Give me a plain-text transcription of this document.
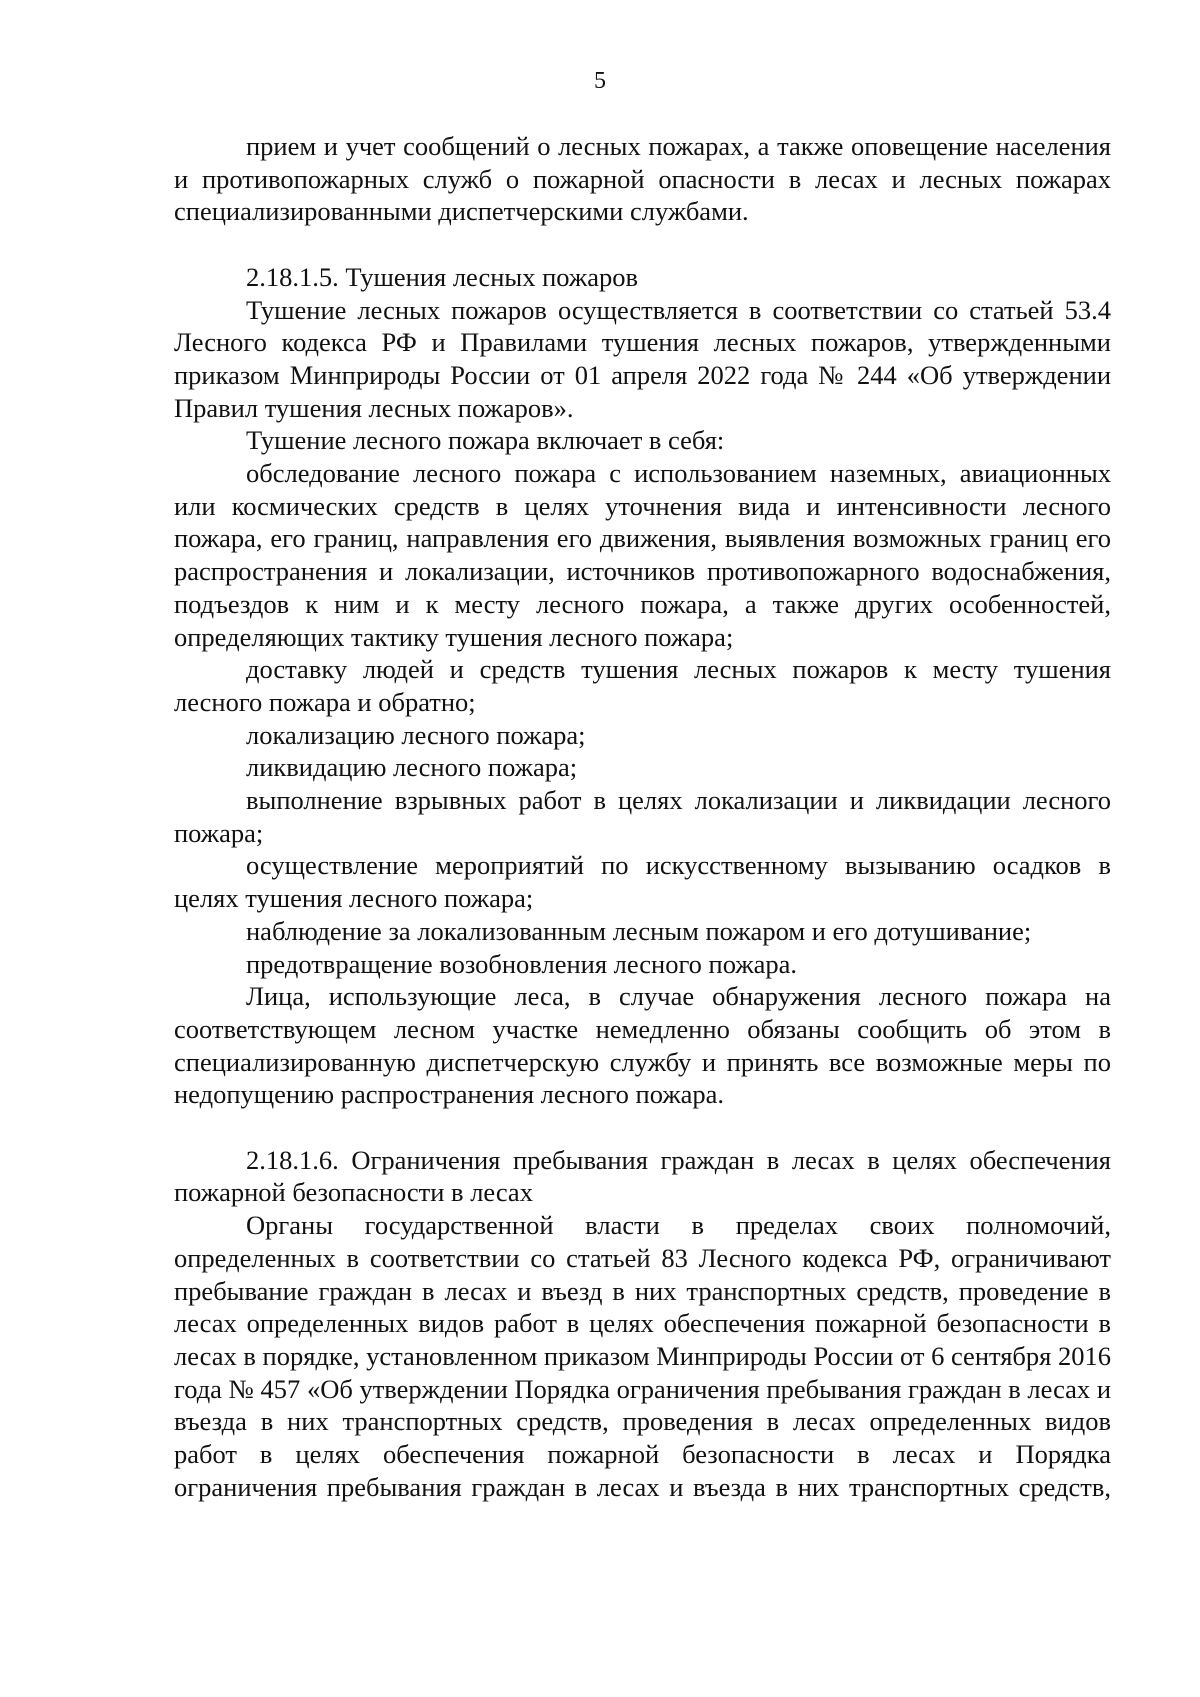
5

прием и учет сообщений о лесных пожарах, а также оповещение населения и противопожарных служб о пожарной опасности в лесах и лесных пожарах специализированными диспетчерскими службами.

2.18.1.5. Тушения лесных пожаров

Тушение лесных пожаров осуществляется в соответствии со статьей 53.4 Лесного кодекса РФ и Правилами тушения лесных пожаров, утвержденными приказом Минприроды России от 01 апреля 2022 года № 244 «Об утверждении Правил тушения лесных пожаров».

Тушение лесного пожара включает в себя:

обследование лесного пожара с использованием наземных, авиационных или космических средств в целях уточнения вида и интенсивности лесного пожара, его границ, направления его движения, выявления возможных границ его распространения и локализации, источников противопожарного водоснабжения, подъездов к ним и к месту лесного пожара, а также других особенностей, определяющих тактику тушения лесного пожара;

доставку людей и средств тушения лесных пожаров к месту тушения лесного пожара и обратно;

локализацию лесного пожара;

ликвидацию лесного пожара;

выполнение взрывных работ в целях локализации и ликвидации лесного пожара;

осуществление мероприятий по искусственному вызыванию осадков в целях тушения лесного пожара;

наблюдение за локализованным лесным пожаром и его дотушивание;

предотвращение возобновления лесного пожара.

Лица, использующие леса, в случае обнаружения лесного пожара на соответствующем лесном участке немедленно обязаны сообщить об этом в специализированную диспетчерскую службу и принять все возможные меры по недопущению распространения лесного пожара.

2.18.1.6. Ограничения пребывания граждан в лесах в целях обеспечения пожарной безопасности в лесах

Органы государственной власти в пределах своих полномочий, определенных в соответствии со статьей 83 Лесного кодекса РФ, ограничивают пребывание граждан в лесах и въезд в них транспортных средств, проведение в лесах определенных видов работ в целях обеспечения пожарной безопасности в лесах в порядке, установленном приказом Минприроды России от 6 сентября 2016 года № 457 «Об утверждении Порядка ограничения пребывания граждан в лесах и въезда в них транспортных средств, проведения в лесах определенных видов работ в целях обеспечения пожарной безопасности в лесах и Порядка ограничения пребывания граждан в лесах и въезда в них транспортных средств,
